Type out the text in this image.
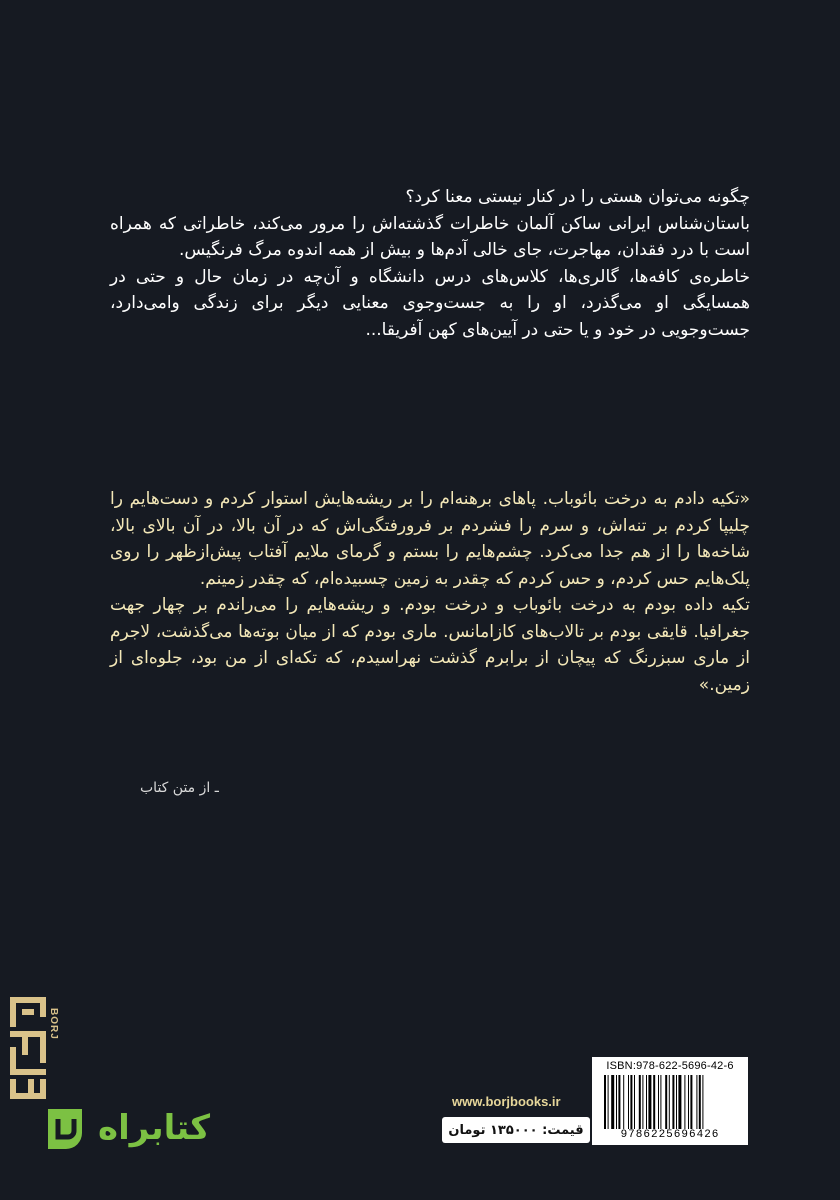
چگونه می‌توان هستی را در کنار نیستی معنا کرد؟

باستان‌شناس ایرانی ساکن آلمان خاطرات گذشته‌اش را مرور می‌کند، خاطراتی که همراه است با درد فقدان، مهاجرت، جای خالی آدم‌ها و بیش از همه اندوه مرگ فرنگیس.

خاطره‌ی کافه‌ها، گالری‌ها، کلاس‌های درس دانشگاه و آن‌چه در زمان حال و حتی در همسایگی او می‌گذرد، او را به جست‌وجوی معنایی دیگر برای زندگی وامی‌دارد، جست‌وجویی در خود و یا حتی در آیین‌های کهن آفریقا...

«تکیه دادم به درخت بائوباب. پاهای برهنه‌ام را بر ریشه‌هایش استوار کردم و دست‌هایم را چلیپا کردم بر تنه‌اش، و سرم را فشردم بر فرورفتگی‌اش که در آن بالا، در آن بالای بالا، شاخه‌ها را از هم جدا می‌کرد. چشم‌هایم را بستم و گرمای ملایم آفتاب پیش‌ازظهر را روی پلک‌هایم حس کردم، و حس کردم که چقدر به زمین چسبیده‌ام، که چقدر زمینم.

تکیه داده بودم به درخت بائوباب و درخت بودم. و ریشه‌هایم را می‌راندم بر چهار جهت جغرافیا. قایقی بودم بر تالاب‌های کازامانس. ماری بودم که از میان بوته‌ها می‌گذشت، لاجرم از ماری سبزرنگ که پیچان از برابرم گذشت نهراسیدم، که تکه‌ای از من بود، جلوه‌ای از زمین.»

ـ از متن کتاب
BORJ
کتابراه
www.borjbooks.ir
قیمت: ۱۳۵۰۰۰ تومان
ISBN:978-622-5696-42-6
9786225696426
